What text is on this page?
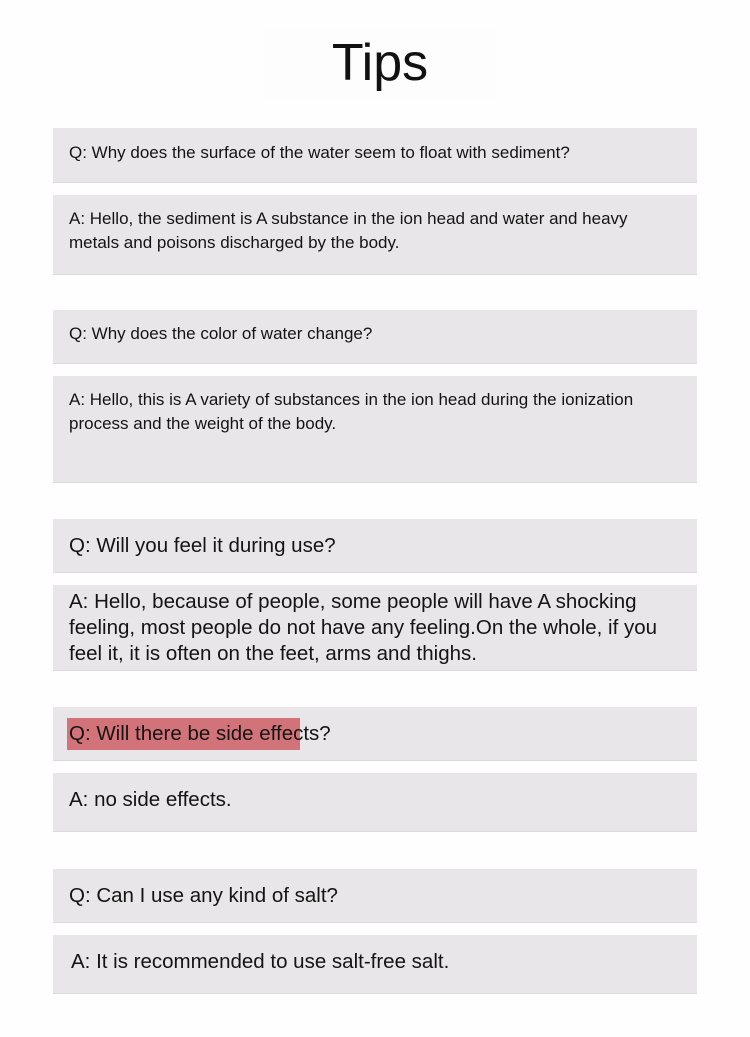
Tips
Q: Why does the surface of the water seem to float with sediment?
A: Hello, the sediment is A substance in the ion head and water and heavy metals and poisons discharged by the body.
Q: Why does the color of water change?
A: Hello, this is A variety of substances in the ion head during the ionization process and the weight of the body.
Q: Will you feel it during use?
A: Hello, because of people, some people will have A shocking feeling, most people do not have any feeling.On the whole, if you feel it, it is often on the feet, arms and thighs.
Q: Will there be side effects?
A: no side effects.
Q: Can I use any kind of salt?
A: It is recommended to use salt-free salt.
